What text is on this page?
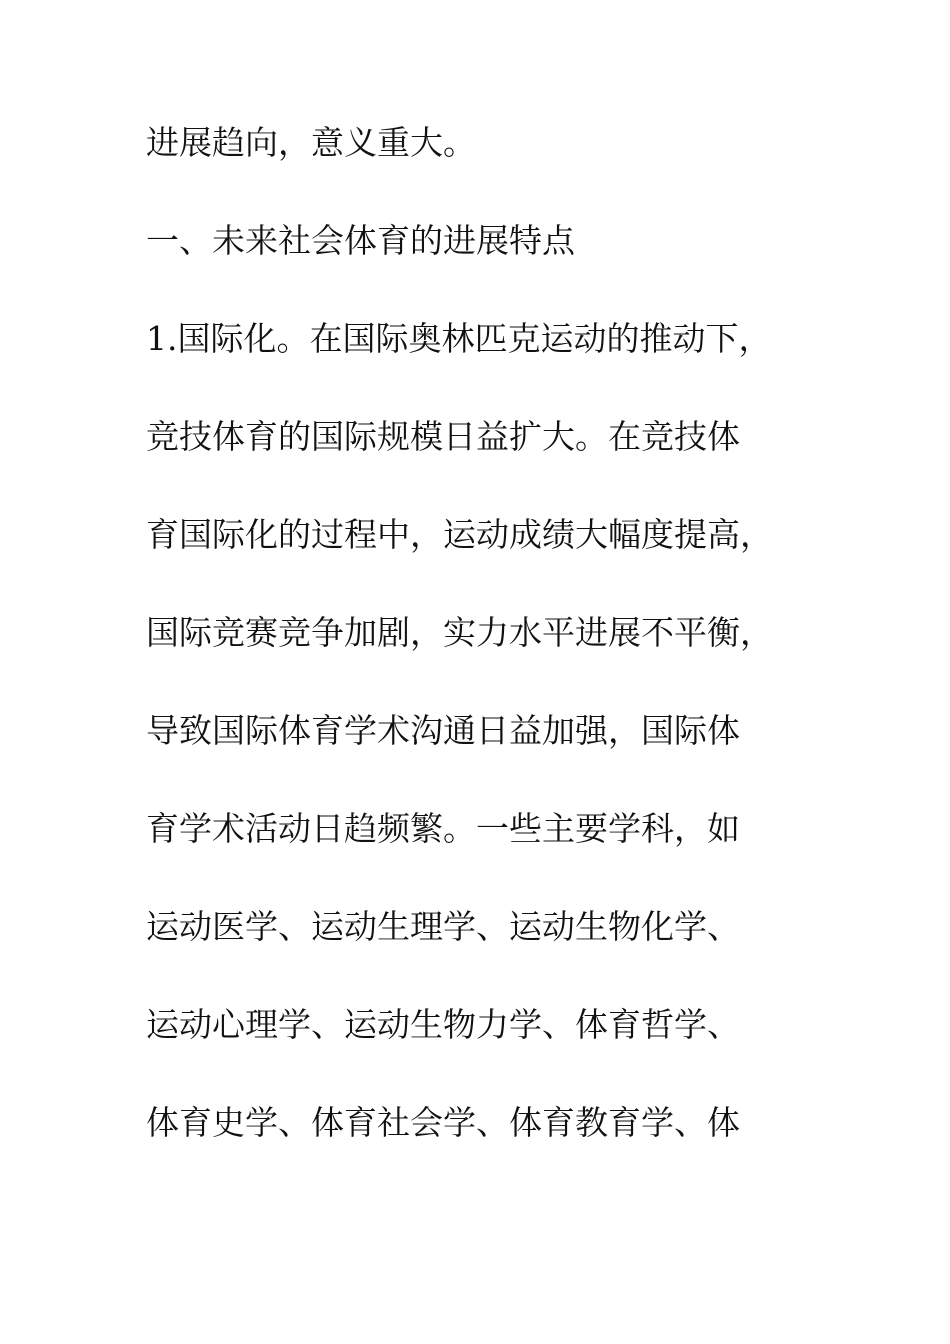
进展趋向，意义重大。
一、未来社会体育的进展特点
1.国际化。在国际奥林匹克运动的推动下，
竞技体育的国际规模日益扩大。在竞技体
育国际化的过程中，运动成绩大幅度提高，
国际竞赛竞争加剧，实力水平进展不平衡，
导致国际体育学术沟通日益加强，国际体
育学术活动日趋频繁。一些主要学科，如
运动医学、运动生理学、运动生物化学、
运动心理学、运动生物力学、体育哲学、
体育史学、体育社会学、体育教育学、体
